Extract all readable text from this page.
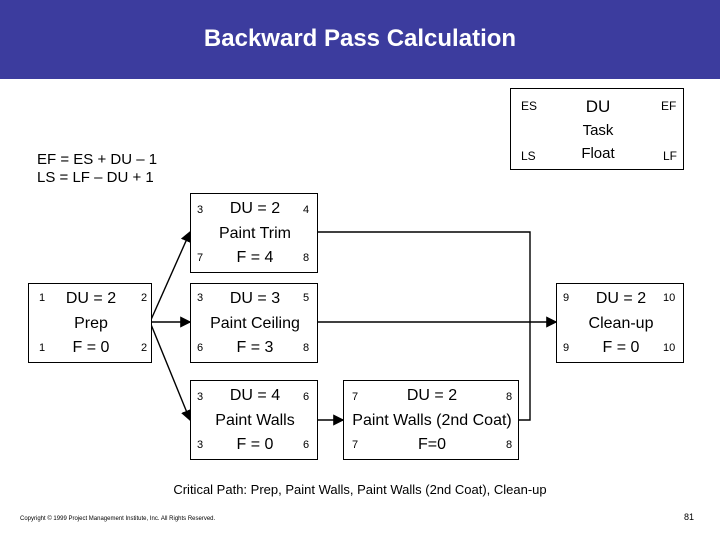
Backward Pass Calculation
EF = ES + DU – 1
LS = LF – DU + 1
ES	EF
LS	LF
DU
Task
Float
1	2
1	2
DU = 2
Prep
F = 0
3	4
7	8
DU = 2
Paint Trim
F = 4
3	5
6	8
DU = 3
Paint Ceiling
F = 3
3	6
3	6
DU = 4
Paint Walls
F = 0
7	8
7	8
DU = 2
Paint Walls (2nd Coat)
F=0
9	10
9	10
DU = 2
Clean-up
F = 0
Critical Path: Prep, Paint Walls, Paint Walls (2nd Coat), Clean-up
Copyright © 1999 Project Management Institute, Inc. All Rights Reserved.	81
